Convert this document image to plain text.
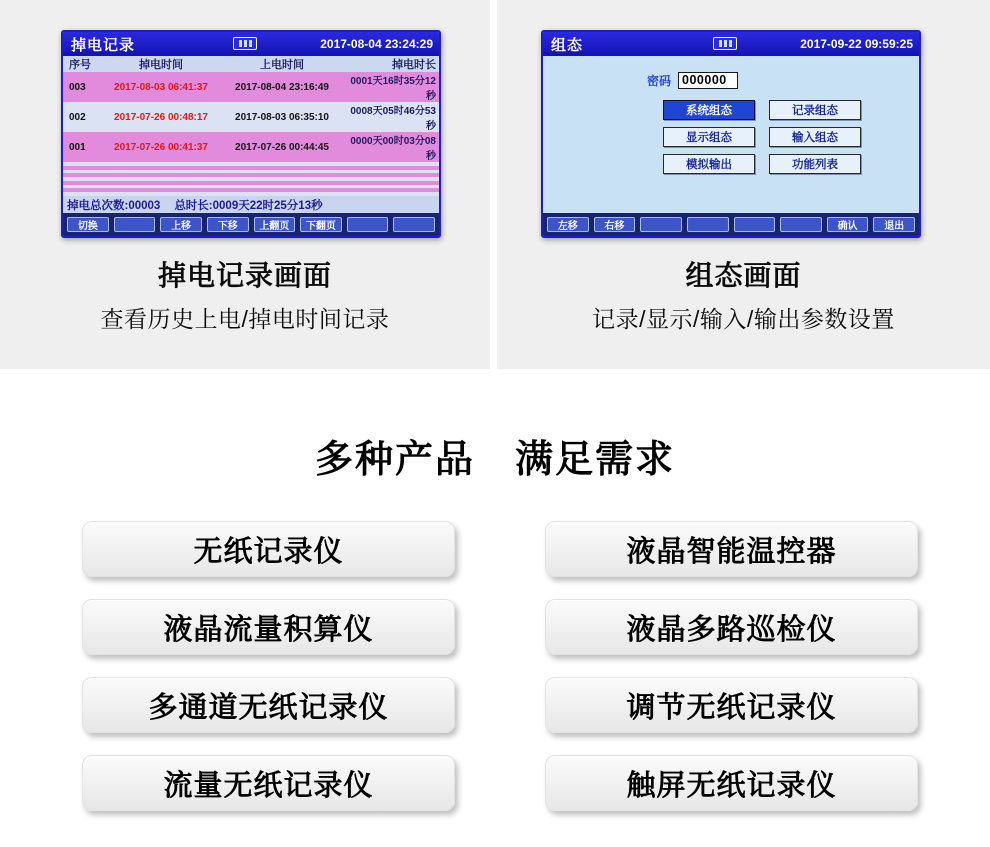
掉电记录	2017-08-04 23:24:29
序号	掉电时间	上电时间	掉电时长
003	2017-08-03 06:41:37	2017-08-04 23:16:49	0001天16时35分12秒
002	2017-07-26 00:48:17	2017-08-03 06:35:10	0008天05时46分53秒
001	2017-07-26 00:41:37	2017-07-26 00:44:45	0000天00时03分08秒
掉电总次数:00003 总时长:0009天22时25分13秒
切换	上移	下移	上翻页	下翻页
掉电记录画面
查看历史上电/掉电时间记录
组态	2017-09-22 09:59:25
密码 000000
系统组态	记录组态
显示组态	输入组态
模拟输出	功能列表
左移	右移	确认	退出
组态画面
记录/显示/输入/输出参数设置
多种产品　满足需求
无纸记录仪	液晶智能温控器
液晶流量积算仪	液晶多路巡检仪
多通道无纸记录仪	调节无纸记录仪
流量无纸记录仪	触屏无纸记录仪
